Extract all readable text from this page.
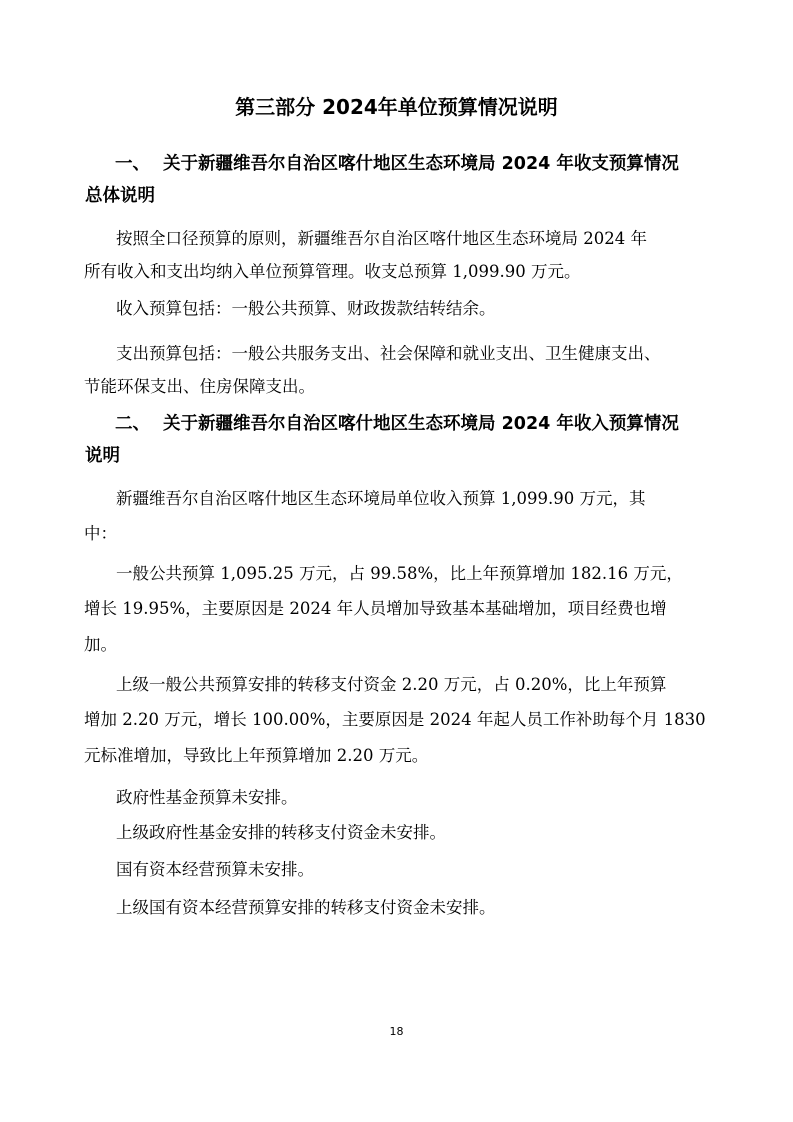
第三部分 2024年单位预算情况说明
一、 关于新疆维吾尔自治区喀什地区生态环境局 2024 年收支预算情况
总体说明
按照全口径预算的原则，新疆维吾尔自治区喀什地区生态环境局 2024 年
所有收入和支出均纳入单位预算管理。收支总预算 1,099.90 万元。
收入预算包括：一般公共预算、财政拨款结转结余。
支出预算包括：一般公共服务支出、社会保障和就业支出、卫生健康支出、
节能环保支出、住房保障支出。
二、 关于新疆维吾尔自治区喀什地区生态环境局 2024 年收入预算情况
说明
新疆维吾尔自治区喀什地区生态环境局单位收入预算 1,099.90 万元，其
中：
一般公共预算 1,095.25 万元，占 99.58%，比上年预算增加 182.16 万元，
增长 19.95%，主要原因是 2024 年人员增加导致基本基础增加，项目经费也增
加。
上级一般公共预算安排的转移支付资金 2.20 万元，占 0.20%，比上年预算
增加 2.20 万元，增长 100.00%，主要原因是 2024 年起人员工作补助每个月 1830
元标准增加，导致比上年预算增加 2.20 万元。
政府性基金预算未安排。
上级政府性基金安排的转移支付资金未安排。
国有资本经营预算未安排。
上级国有资本经营预算安排的转移支付资金未安排。
18
